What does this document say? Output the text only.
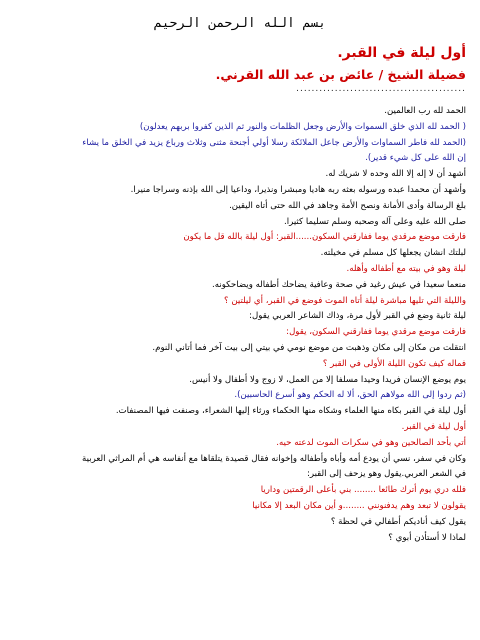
بسم الله الرحمن الرحيم
أول ليلة في القبر.
فضيلة الشيخ / عائض بن عبد الله القرني.
............................................

الحمد لله رب العالمين.

( الحمد لله الذي خلق السموات والأرض وجعل الظلمات والنور ثم الذين كفروا بربهم يعدلون)

(الحمد لله فاطر السماوات والأرض جاعل الملائكة رسلا أولي أجنحة مثنى وثلاث ورباع يزيد في الخلق ما يشاء

إن الله على كل شيء قدير).

أشهد أن لا إله إلا الله وحده لا شريك له.

وأشهد أن محمدا عبده ورسوله بعثه ربه هاديا ومبشرا ونذيرا، وداعيا إلى الله بإذنه وسراجا منيرا.

بلغ الرسالة وأدى الأمانة ونصح الأمة وجاهد في الله حتى أتاه اليقين.

صلى الله عليه وعلى آله وصحبه وسلم تسليما كثيرا.

فارقت موضع مرقدي يوما ففارقني السكون......القبر: أول ليلة بالله قل ما يكون

لبلتك انشان يجعلها كل مسلم في مخيلته.

ليلة وهو في بيته مع أطفاله وأهله.

منعما سعيدا في عيش رغيد في صحة وعافية يضاحك أطفاله ويضاحكونه.

والليلة التي تليها مباشرة ليلة أتاه الموت فوضع في القبر، أي ليلتين ؟

ليلة ثانية وضع في القبر لأول مرة، وذاك الشاعر العربي يقول:

فارقت موضع مرقدي يوما ففارقني السكون، يقول:

انتقلت من مكان إلى مكان وذهبت من موضع نومي في بيتي إلى بيت آخر فما أتاني النوم.

فماله كيف تكون الليلة الأولى في القبر ؟

يوم يوضع الإنسان فريدا وحيدا مسلفا إلا من العمل، لا زوج ولا أطفال ولا أنيس.

(ثم ردوا إلى الله مولاهم الحق، ألا له الحكم وهو أسرع الحاسبين).

أول ليلة في القبر بكاه منها العلماء وشكاه منها الحكماء ورثاء إليها الشعراء، وصنفت فيها المصنفات.

أول ليلة في القبر.

أتي بأحد الصالحين وهو في سكرات الموت لدعته حيه.

وكان في سفر، نسي أن يودع أمه وأباه وأطفاله وإخوانه فقال قصيدة يتلقاها مع أنفاسه هي أم المراثي العربية

في الشعر العربي.يقول وهو يزحف إلى القبر:

فلله دري يوم أترك طائعا ........ بني بأعلى الرقمتين وداريا

يقولون لا تبعد وهم يدفنونني ........و أين مكان البعد إلا مكانيا

يقول كيف أناديكم أطفالي في لحظة ؟

لماذا لا أستأذن أبوي ؟
